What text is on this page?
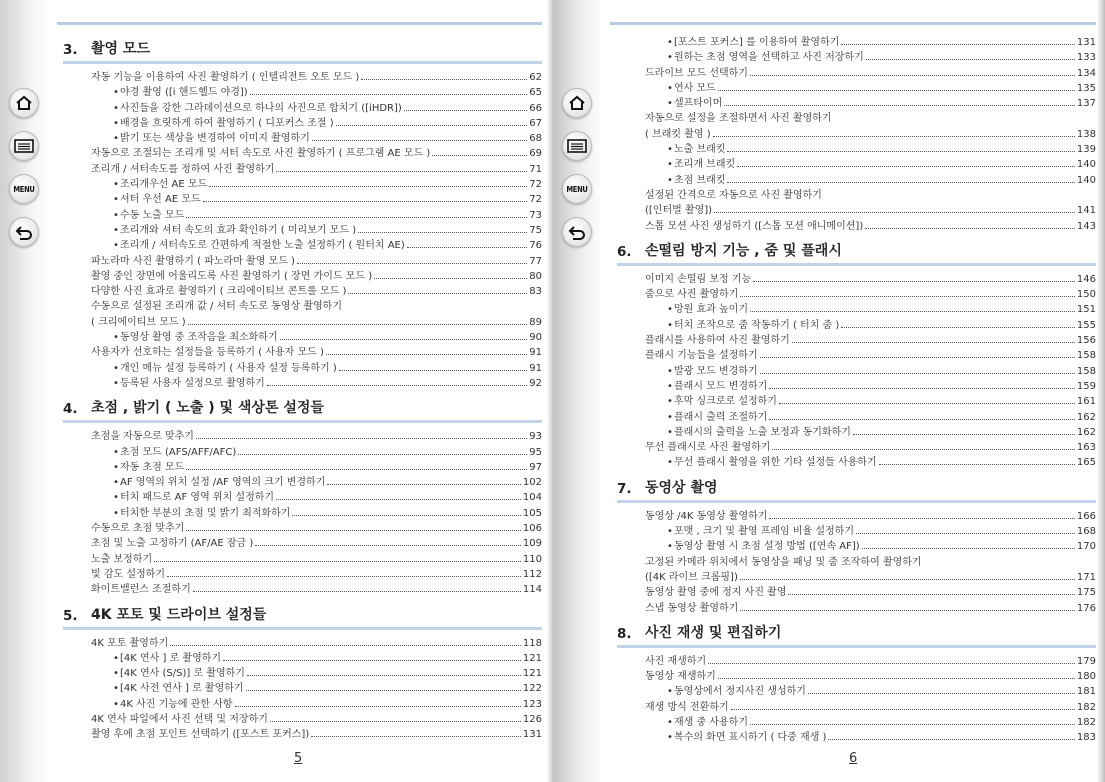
3. 촬영 모드
자동 기능을 이용하여 사진 촬영하기 ( 인텔리전트 오토 모드 )	62
•야경 촬영 ([i 핸드헬드 야경])	65
•사진들을 강한 그라데이션으로 하나의 사진으로 합치기 ([iHDR])	66
•배경을 흐릿하게 하여 촬영하기 ( 디포커스 조절 )	67
•밝기 또는 색상을 변경하여 이미지 촬영하기	68
자동으로 조절되는 조리개 및 셔터 속도로 사진 촬영하기 ( 프로그램 AE 모드 )	69
조리개 / 셔터속도를 정하여 사진 촬영하기	71
•조리개우선 AE 모드	72
•셔터 우선 AE 모드	72
•수동 노출 모드	73
•조리개와 셔터 속도의 효과 확인하기 ( 미리보기 모드 )	75
•조리개 / 셔터속도로 간편하게 적절한 노출 설정하기 ( 원터치 AE)	76
파노라마 사진 촬영하기 ( 파노라마 촬영 모드 )	77
촬영 중인 장면에 어울리도록 사진 촬영하기 ( 장면 가이드 모드 )	80
다양한 사진 효과로 촬영하기 ( 크리에이티브 콘트롤 모드 )	83
수동으로 설정된 조리개 값 / 셔터 속도로 동영상 촬영하기
( 크리에이티브 모드 )	89
•동영상 촬영 중 조작음을 최소화하기	90
사용자가 선호하는 설정들을 등록하기 ( 사용자 모드 )	91
•개인 메뉴 설정 등록하기 ( 사용자 설정 등록하기 )	91
•등록된 사용자 설정으로 촬영하기	92
4. 초점 , 밝기 ( 노출 ) 및 색상톤 설정들
초점을 자동으로 맞추기	93
•초점 모드 (AFS/AFF/AFC)	95
•자동 초점 모드	97
•AF 영역의 위치 설정 /AF 영역의 크기 변경하기	102
•터치 패드로 AF 영역 위치 설정하기	104
•터치한 부분의 초점 및 밝기 최적화하기	105
수동으로 초점 맞추기	106
초점 및 노출 고정하기 (AF/AE 잠금 )	109
노출 보정하기	110
빛 감도 설정하기	112
화이트밸런스 조절하기	114
5. 4K 포토 및 드라이브 설정들
4K 포토 촬영하기	118
•[4K 연사 ] 로 촬영하기	121
•[4K 연사 (S/S)] 로 촬영하기	121
•[4K 사전 연사 ] 로 촬영하기	122
•4K 사진 기능에 관한 사항	123
4K 연사 파일에서 사진 선택 및 저장하기	126
촬영 후에 초점 포인트 선택하기 ([포스트 포커스])	131
5
MENU
•[포스트 포커스] 를 이용하여 촬영하기	131
•원하는 초점 영역을 선택하고 사진 저장하기	133
드라이브 모드 선택하기	134
•연사 모드	135
•셀프타이머	137
자동으로 설정을 조절하면서 사진 촬영하기
( 브래킷 촬영 )	138
•노출 브래킷	139
•조리개 브래킷	140
•초점 브래킷	140
설정된 간격으로 자동으로 사진 촬영하기
([인터벌 촬영])	141
스톱 모션 사진 생성하기 ([스톱 모션 애니메이션])	143
6. 손떨림 방지 기능 , 줌 및 플래시
이미지 손떨림 보정 기능	146
줌으로 사진 촬영하기	150
•망원 효과 높이기	151
•터치 조작으로 줌 작동하기 ( 터치 줌 )	155
플래시를 사용하여 사진 촬영하기	156
플래시 기능들을 설정하기	158
•발광 모드 변경하기	158
•플래시 모드 변경하기	159
•후막 싱크로로 설정하기	161
•플래시 출력 조절하기	162
•플래시의 출력을 노출 보정과 동기화하기	162
무선 플래시로 사진 촬영하기	163
•무선 플래시 촬영을 위한 기타 설정들 사용하기	165
7. 동영상 촬영
동영상 /4K 동영상 촬영하기	166
•포맷 , 크기 및 촬영 프레임 비율 설정하기	168
•동영상 촬영 시 초점 설정 방법 ([연속 AF])	170
고정된 카메라 위치에서 동영상을 패닝 및 줌 조작하여 촬영하기
([4K 라이브 크롭핑])	171
동영상 촬영 중에 정지 사진 촬영	175
스냅 동영상 촬영하기	176
8. 사진 재생 및 편집하기
사진 재생하기	179
동영상 재생하기	180
•동영상에서 정지사진 생성하기	181
재생 방식 전환하기	182
•재생 중 사용하기	182
•복수의 화면 표시하기 ( 다중 재생 )	183
6
MENU
